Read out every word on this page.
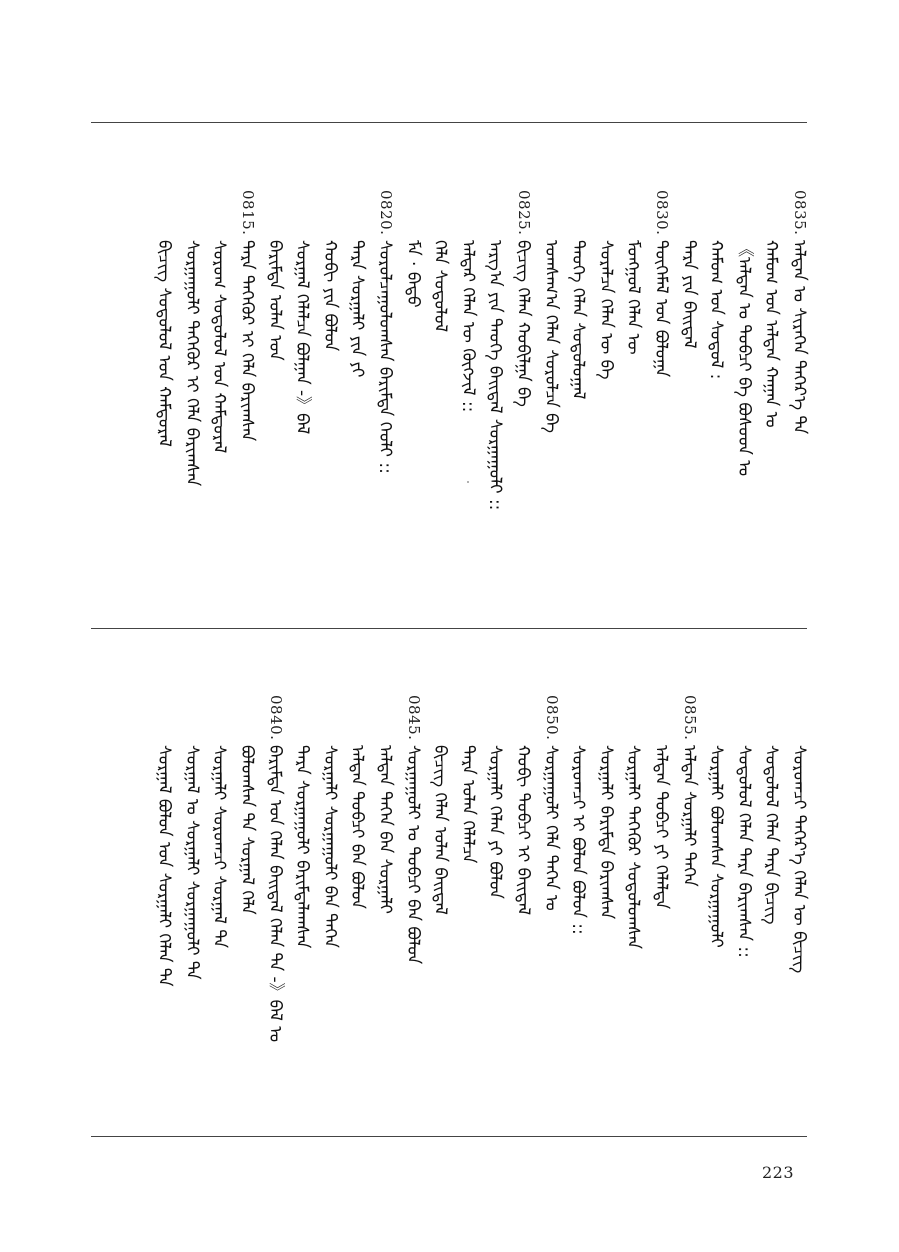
0835.
ᠠᠯᠲᠠᠨ ᠤ ᠰᠢᠷᠡᠭᠡᠨ ᠳᠡᠭᠡᠷ᠎ᠡ ᠲᠠ
ᠬᠠᠮᠤᠭ ᠤᠨ ᠠᠯᠲᠠᠨ ᠬᠠᠭᠠᠨ ᠤ
《ᠠᠯᠲᠠᠨ ᠤ ᠲᠣᠪᠴᠢ ᠪᠠ ᠪᠤᠰᠤᠳ ᠤ
ᠬᠠᠮᠤᠭ ᠤᠨ ᠰᠤᠳᠤᠯ :
ᠲᠡᠷᠡ ᠶᠢᠨ ᠪᠠᠢᠳᠠᠯ
0830.
ᠲᠦᠭᠡᠮᠡᠯ ᠤᠨ ᠪᠤᠯᠤᠭᠠ
ᠮᠣᠩᠭᠣᠯ ᠬᠡᠯᠡᠨ ᠦ
ᠰᠤᠷᠠᠯᠴᠠ ᠬᠡᠯᠡᠨ ᠦ ᠪᠠ
ᠲᠡᠦᠬᠡ ᠬᠡᠯᠡᠨ ᠰᠤᠳᠤᠯᠤᠭᠠᠯ
ᠤᠭᠰᠠᠭ᠎ᠠ ᠬᠡᠯᠡᠨ ᠰᠤᠷᠤᠯᠴᠠ ᠪᠠ
0825.
ᠪᠢᠴᠢᠭ ᠬᠡᠯᠡᠨ ᠬᠣᠪᠢᠯᠭᠠ ᠪᠠ
ᠠᠷᠭ᠎ᠠ ᠶᠢᠨ ᠲᠡᠦᠬᠡ ᠪᠠᠢᠳᠠᠯ ᠰᠤᠷᠭᠠᠭᠤᠯᠢ ::
ᠠᠯᠳᠠᠷ ᠬᠡᠯᠡᠨ ᠦ ᠬᠥᠭᠵᠢᠯ ::
ᠬᠡᠯᠡ ᠰᠤᠳᠤᠯᠤᠯ
ᠮᠠ · ᠪᠠᠲᠤ
0820.
ᠰᠤᠷᠤᠯᠴᠠᠭᠤᠯᠤᠭᠰᠠᠨ ᠪᠠᠷᠢᠮᠲᠠ ᠬᠡᠦᠯᠢ ::
ᠲᠡᠷᠡ ᠰᠤᠷᠭᠠᠯᠢ ᠶᠢᠨ ᠶᠢ
ᠬᠤᠪᠢ ᠶᠢᠨ ᠪᠤᠯᠤᠨ
ᠰᠤᠷᠭᠠᠯ ᠬᠡᠯᠡᠯᠴᠡ ᠪᠣᠯᠭᠠᠨ -》ᠪᠠᠯ
ᠪᠠᠷᠢᠮᠲᠠ ᠤᠯᠠᠨ ᠤᠨ
0815.
ᠲᠡᠷᠡ ᠳᠡᠭᠡᠭᠦᠷ ᠢ ᠬᠡᠯᠡ ᠪᠠᠷᠢᠭᠰᠠᠨ
ᠰᠤᠷᠤᠭ ᠰᠤᠳᠤᠯᠤᠯ ᠤᠨ ᠬᠠᠮᠲᠤᠷᠠᠯ
ᠰᠤᠷᠭᠠᠭᠤᠯᠢ ᠳᠡᠭᠡᠭᠦᠷ ᠢ ᠬᠡᠯᠡ ᠪᠠᠷᠢᠭᠰᠠᠨ
ᠪᠢᠴᠢᠭ ᠰᠤᠳᠤᠯᠤᠯ ᠤᠨ ᠬᠠᠮᠲᠤᠷᠠᠯ
ᠰᠤᠷᠤᠭᠴᠢ ᠳᠡᠭᠡᠷ᠎ᠡ ᠬᠡᠯᠡᠨ ᠦ ᠪᠢᠴᠢᠭ
ᠰᠤᠳᠤᠯᠤᠯ ᠬᠡᠯᠡᠨ ᠲᠡᠷᠡ ᠪᠢᠴᠢᠭ
ᠰᠤᠳᠤᠯᠤᠯ ᠬᠡᠯᠡᠨ ᠲᠡᠷᠡ ᠪᠠᠷᠢᠭᠰᠠᠨ ::
ᠰᠤᠷᠭᠠᠯᠢ ᠪᠤᠯᠤᠭᠰᠠᠨ ᠰᠤᠷᠭᠠᠭᠤᠯᠢ
0855.
ᠠᠯᠲᠠᠨ ᠰᠤᠷᠭᠠᠯᠢ ᠲᠡᠭᠡᠨ
ᠠᠯᠲᠠᠨ ᠲᠣᠪᠴᠢ ᠶᠢ ᠬᠡᠯᠡᠯᠲᠡ
ᠰᠤᠷᠭᠠᠯᠢ ᠳᠡᠭᠡᠭᠦᠷ ᠰᠤᠳᠤᠯᠤᠭᠰᠠᠨ
ᠰᠤᠷᠭᠠᠯᠢ ᠪᠠᠷᠢᠮᠲᠠ ᠪᠠᠷᠢᠭᠰᠠᠨ
ᠰᠤᠷᠤᠭᠴᠢ ᠢ ᠪᠤᠯᠤᠨ ᠪᠤᠯᠤᠨ ::
0850.
ᠰᠤᠷᠭᠠᠭᠤᠯᠢ ᠬᠡᠯᠡ ᠲᠡᠭᠡᠨ ᠤ
ᠬᠤᠪᠢ ᠲᠣᠪᠴᠢ ᠢ ᠪᠠᠢᠳᠠᠯ
ᠰᠤᠷᠭᠠᠯᠢ ᠬᠡᠯᠡᠨ ᠶᠢ ᠪᠤᠯᠤᠨ
ᠲᠡᠷᠡ ᠤᠯᠠᠨ ᠬᠡᠯᠡᠯᠴᠡ
ᠪᠢᠴᠢᠭ ᠬᠡᠯᠡᠨ ᠤᠯᠠᠨ ᠪᠠᠢᠳᠠᠯ
0845.
ᠰᠤᠷᠭᠠᠭᠤᠯᠢ ᠤ ᠲᠣᠪᠴᠢ ᠪᠠᠨ ᠪᠤᠯᠤᠨ
ᠠᠯᠲᠠᠨ ᠲᠡᠭᠡᠨ ᠪᠠᠨ ᠰᠤᠷᠭᠠᠯᠢ
ᠠᠯᠲᠠᠨ ᠲᠣᠪᠴᠢ ᠪᠠᠨ ᠪᠤᠯᠤᠨ
ᠰᠤᠷᠭᠠᠯᠢ ᠰᠤᠷᠭᠠᠭᠤᠯᠢ ᠪᠠᠨ ᠲᠡᠭᠡᠨ
ᠲᠡᠷᠡ ᠰᠤᠷᠭᠠᠭᠤᠯᠢ ᠪᠠᠷᠢᠮᠲᠠᠯᠠᠭᠰᠠᠨ
0840.
ᠪᠠᠷᠢᠮᠲᠠ ᠤᠨ ᠬᠡᠯᠡᠨ ᠪᠠᠢᠳᠠᠯ ᠬᠡᠯᠡᠨ ᠲᠡ -》ᠪᠠᠯ ᠤ
ᠪᠤᠯᠤᠭᠰᠠᠨ ᠲᠡ ᠰᠤᠷᠭᠠᠯ ᠬᠡᠯᠡ
ᠰᠤᠷᠭᠠᠯᠢ ᠰᠤᠷᠤᠭᠴᠢ ᠰᠤᠷᠭᠠᠯ ᠲᠡ
ᠰᠤᠷᠭᠠᠯ ᠤ ᠰᠤᠷᠭᠠᠯᠢ ᠰᠤᠷᠭᠠᠭᠤᠯᠢ ᠲᠡ
ᠰᠤᠷᠭᠠᠯ ᠪᠤᠯᠤᠨ ᠤᠨ ᠰᠤᠷᠭᠠᠯᠢ ᠬᠡᠯᠡᠨ ᠲᠡ
223
